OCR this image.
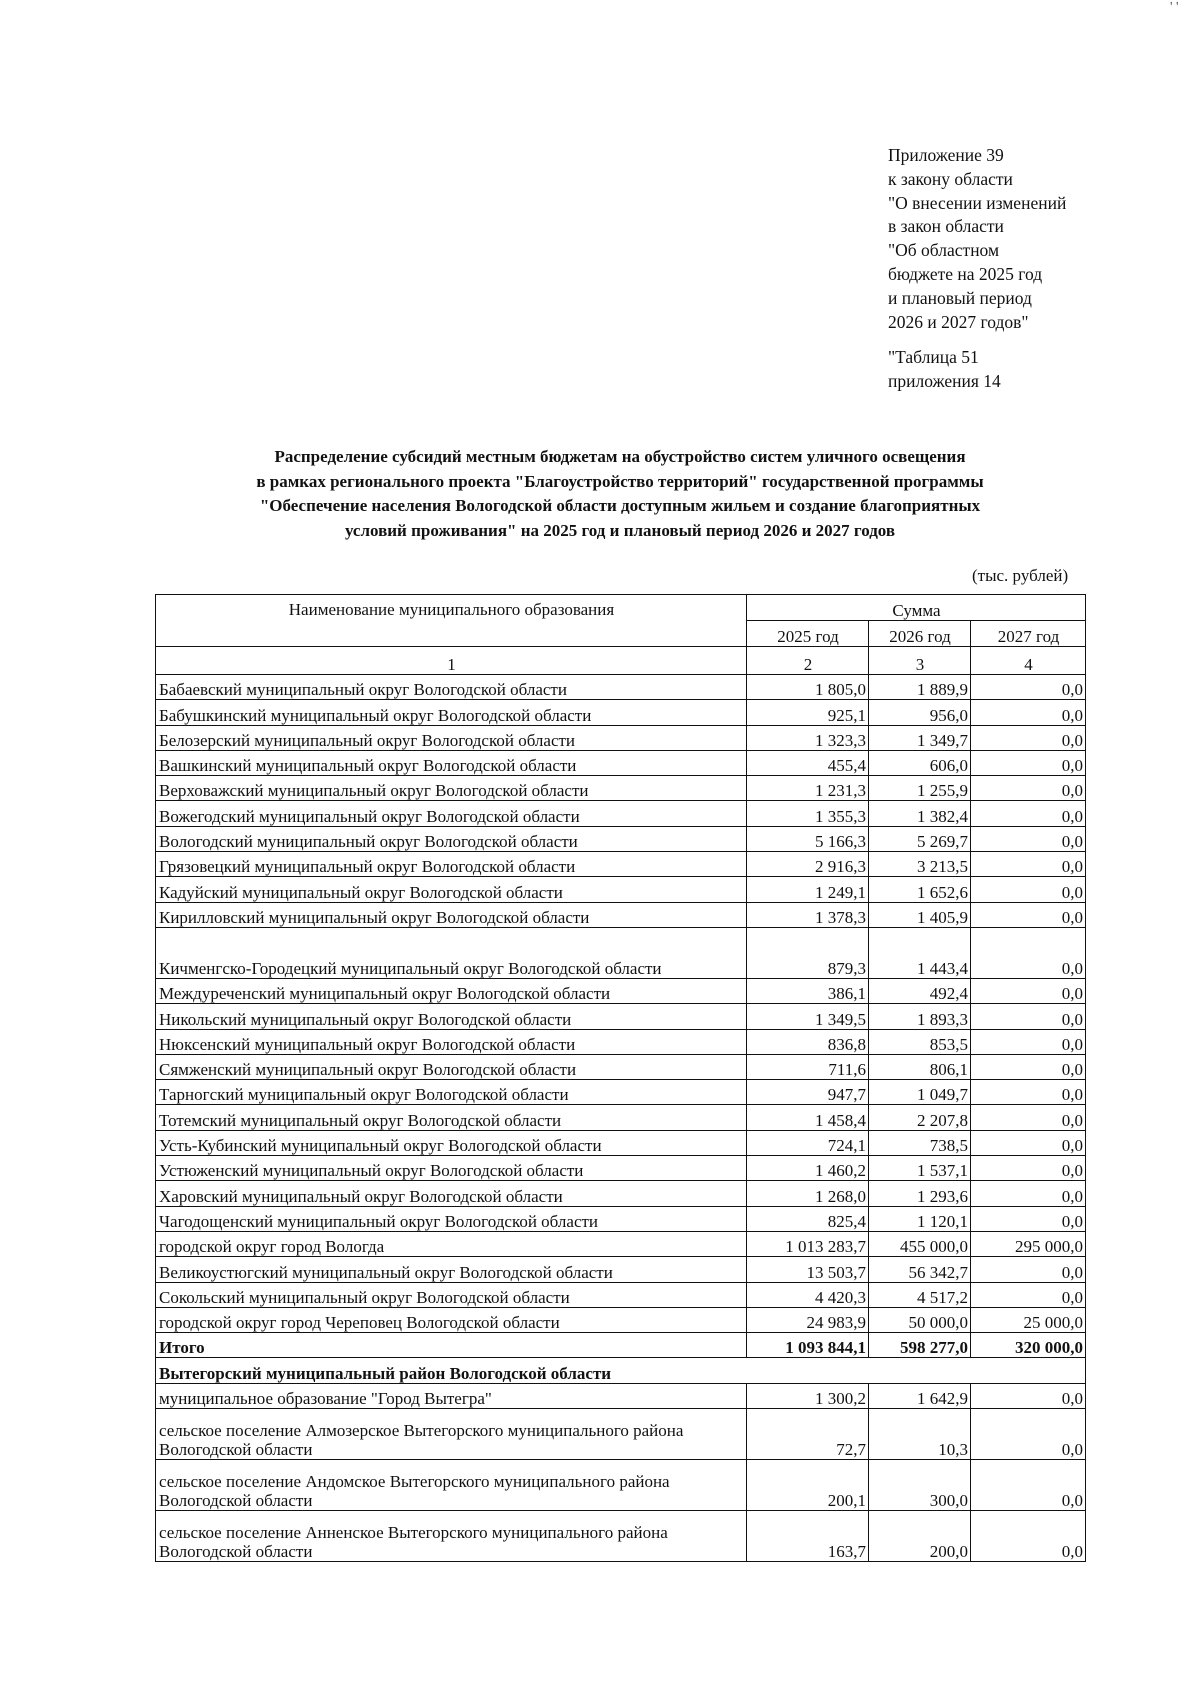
Приложение 39
к закону области
"О внесении изменений
в закон области
"Об областном
бюджете на 2025 год
и плановый период
2026 и 2027 годов"
"Таблица 51
приложения 14
Распределение субсидий местным бюджетам на обустройство систем уличного освещения
в рамках регионального проекта "Благоустройство территорий" государственной программы
"Обеспечение населения Вологодской области доступным жильем и создание благоприятных
условий проживания" на 2025 год и плановый период 2026 и 2027 годов
(тыс. рублей)
Наименование муниципального образования	Сумма		
	2025 год	2026 год	2027 год
1	2	3	4
Бабаевский муниципальный округ Вологодской области	1 805,0	1 889,9	0,0
Бабушкинский муниципальный округ Вологодской области	925,1	956,0	0,0
Белозерский муниципальный округ Вологодской области	1 323,3	1 349,7	0,0
Вашкинский муниципальный округ Вологодской области	455,4	606,0	0,0
Верховажский муниципальный округ Вологодской области	1 231,3	1 255,9	0,0
Вожегодский муниципальный округ Вологодской области	1 355,3	1 382,4	0,0
Вологодский муниципальный округ Вологодской области	5 166,3	5 269,7	0,0
Грязовецкий муниципальный округ Вологодской области	2 916,3	3 213,5	0,0
Кадуйский муниципальный округ Вологодской области	1 249,1	1 652,6	0,0
Кирилловский муниципальный округ Вологодской области	1 378,3	1 405,9	0,0
Кичменгско-Городецкий муниципальный округ Вологодской области	879,3	1 443,4	0,0
Междуреченский муниципальный округ Вологодской области	386,1	492,4	0,0
Никольский муниципальный округ Вологодской области	1 349,5	1 893,3	0,0
Нюксенский муниципальный округ Вологодской области	836,8	853,5	0,0
Сямженский муниципальный округ Вологодской области	711,6	806,1	0,0
Тарногский муниципальный округ Вологодской области	947,7	1 049,7	0,0
Тотемский муниципальный округ Вологодской области	1 458,4	2 207,8	0,0
Усть-Кубинский муниципальный округ Вологодской области	724,1	738,5	0,0
Устюженский муниципальный округ Вологодской области	1 460,2	1 537,1	0,0
Харовский муниципальный округ Вологодской области	1 268,0	1 293,6	0,0
Чагодощенский муниципальный округ Вологодской области	825,4	1 120,1	0,0
городской округ город Вологда	1 013 283,7	455 000,0	295 000,0
Великоустюгский муниципальный округ Вологодской области	13 503,7	56 342,7	0,0
Сокольский муниципальный округ Вологодской области	4 420,3	4 517,2	0,0
городской округ город Череповец Вологодской области	24 983,9	50 000,0	25 000,0
Итого	1 093 844,1	598 277,0	320 000,0
Вытегорский муниципальный район Вологодской области			
муниципальное образование "Город Вытегра"	1 300,2	1 642,9	0,0
сельское поселение Алмозерское Вытегорского муниципального района Вологодской области	72,7	10,3	0,0
сельское поселение Андомское Вытегорского муниципального района Вологодской области	200,1	300,0	0,0
сельское поселение Анненское Вытегорского муниципального района Вологодской области	163,7	200,0	0,0
' '
